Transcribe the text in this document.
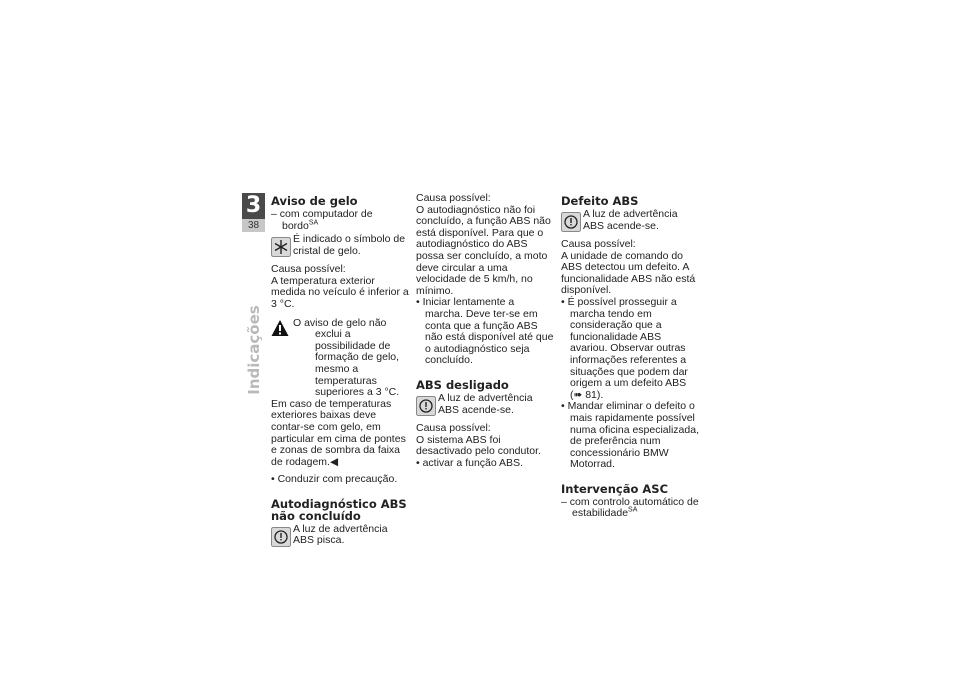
3
38
Indicações
Aviso de gelo

– com computador de bordo$^{SA}$

É indicado o símbolo de cristal de gelo.

Causa possível:

A temperatura exterior medida no veículo é inferior a 3 °C.

O aviso de gelo não exclui a possibilidade de formação de gelo, mesmo a temperaturas superiores a 3 °C.

Em caso de temperaturas exteriores baixas deve contar-se com gelo, em particular em cima de pontes e zonas de sombra da faixa de rodagem.◀

• Conduzir com precaução.

Autodiagnóstico ABS não concluído

A luz de advertência ABS pisca.

Causa possível:

O autodiagnóstico não foi concluído, a função ABS não está disponível. Para que o autodiagnóstico do ABS possa ser concluído, a moto deve circular a uma velocidade de 5 km/h, no mínimo.

• Iniciar lentamente a marcha. Deve ter-se em conta que a função ABS não está disponível até que o autodiagnóstico seja concluído.

ABS desligado

A luz de advertência ABS acende-se.

Causa possível:

O sistema ABS foi desactivado pelo condutor.

• activar a função ABS.

Defeito ABS

A luz de advertência ABS acende-se.

Causa possível:

A unidade de comando do ABS detectou um defeito. A funcionalidade ABS não está disponível.

• É possível prosseguir a marcha tendo em consideração que a funcionalidade ABS avariou. Observar outras informações referentes a situações que podem dar origem a um defeito ABS (➠ 81).

• Mandar eliminar o defeito o mais rapidamente possível numa oficina especializada, de preferência num concessionário BMW Motorrad.

Intervenção ASC

– com controlo automático de estabilidade$^{SA}$
